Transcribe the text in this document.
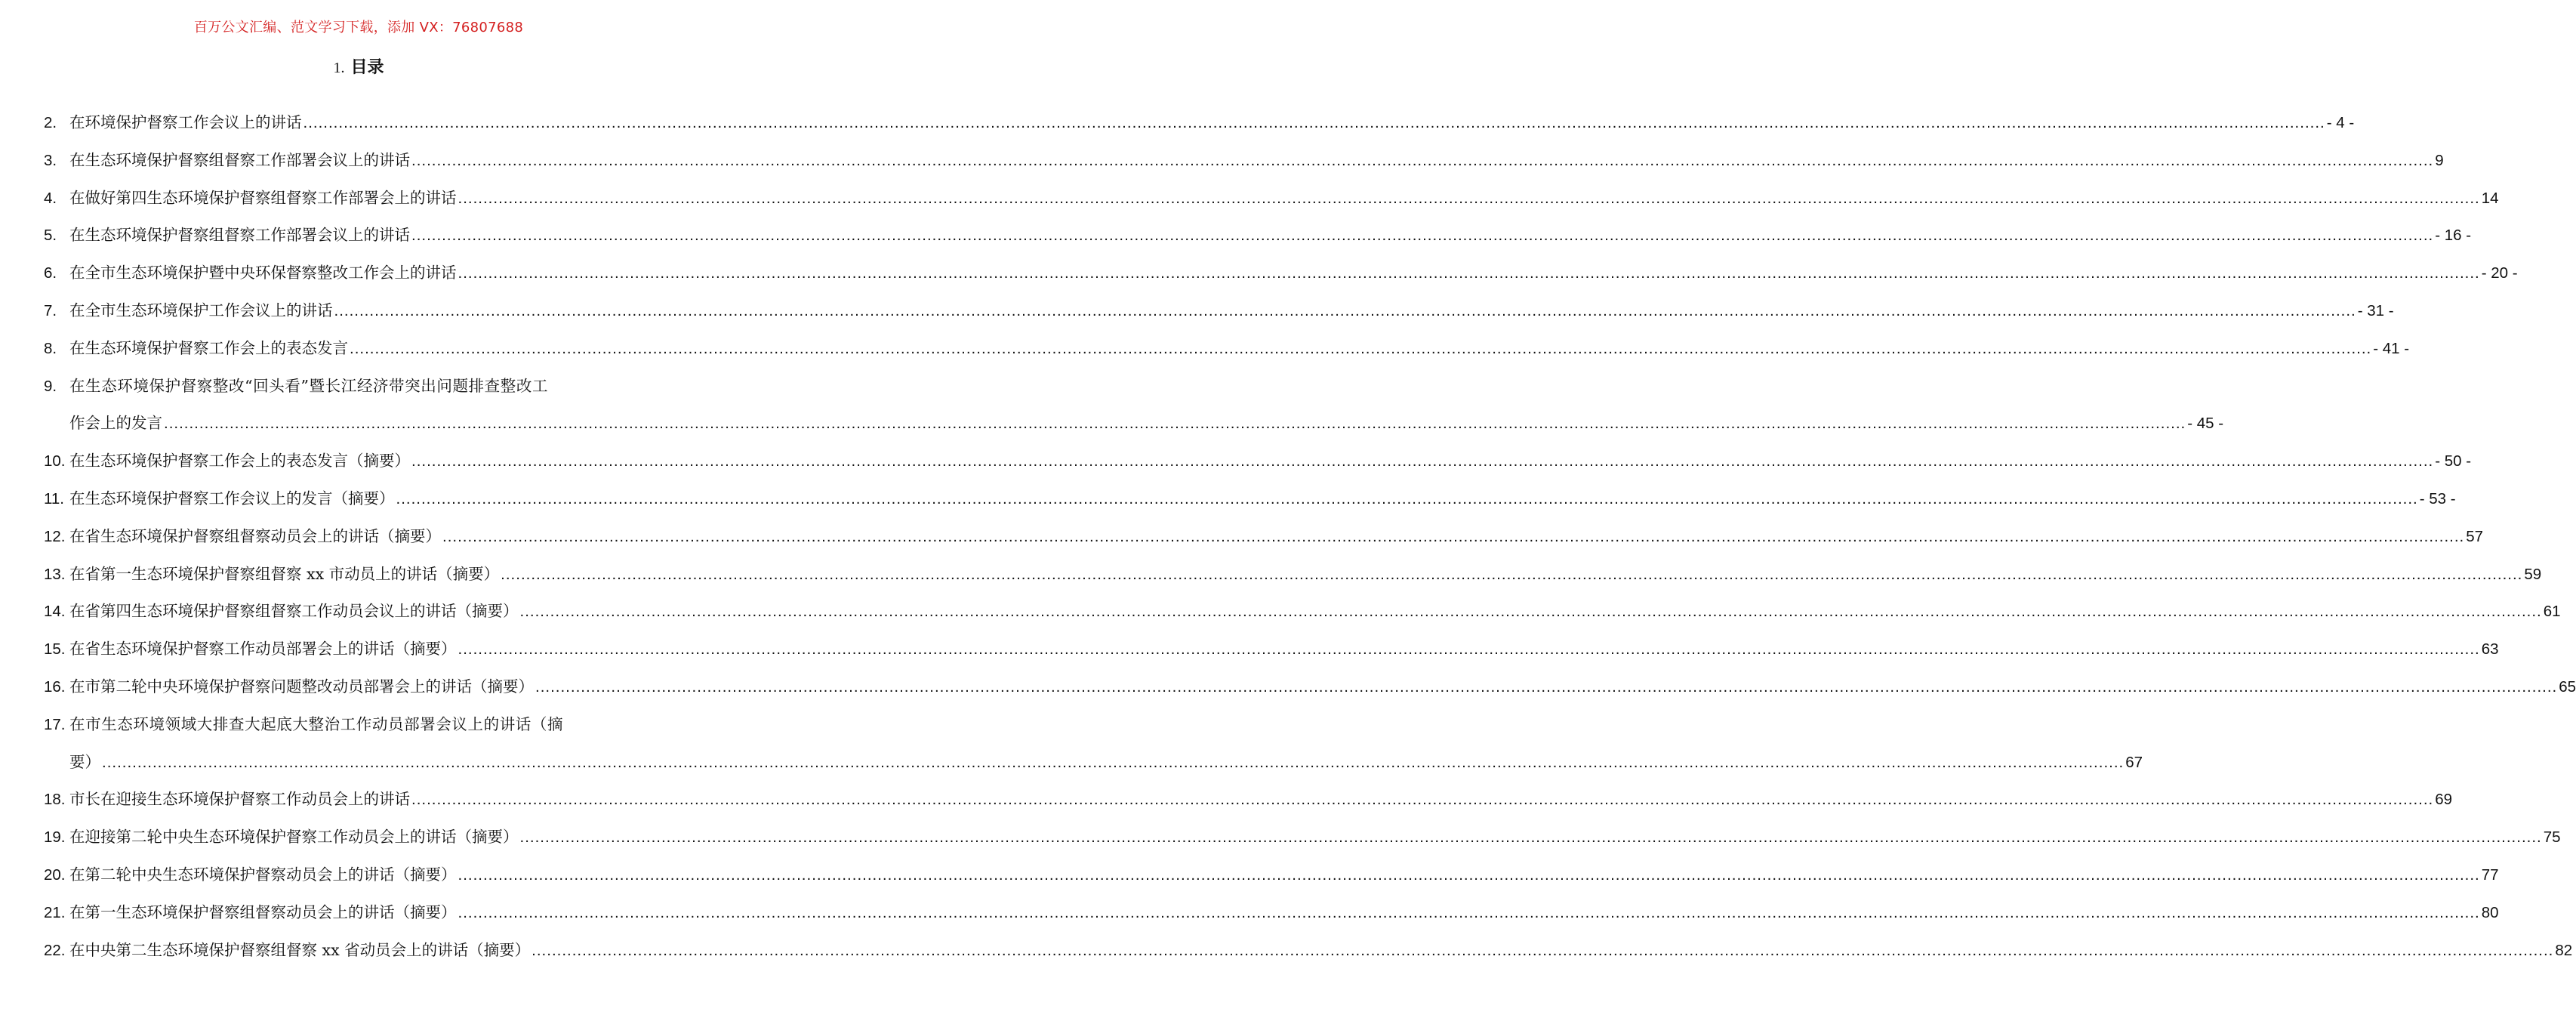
百万公文汇编、范文学习下载，添加 VX：76807688
1. 目录
2. 在环境保护督察工作会议上的讲话 ................................................................................................................................................................................................................................................................................................................................................................................................................ - 4 -
3. 在生态环境保护督察组督察工作部署会议上的讲话 ................................................................................................................................................................................................................................................................................................................................................................................................................ 9
4. 在做好第四生态环境保护督察组督察工作部署会上的讲话 ................................................................................................................................................................................................................................................................................................................................................................................................................ 14
5. 在生态环境保护督察组督察工作部署会议上的讲话 ................................................................................................................................................................................................................................................................................................................................................................................................................ - 16 -
6. 在全市生态环境保护暨中央环保督察整改工作会上的讲话 ................................................................................................................................................................................................................................................................................................................................................................................................................ - 20 -
7. 在全市生态环境保护工作会议上的讲话 ................................................................................................................................................................................................................................................................................................................................................................................................................ - 31 -
8. 在生态环境保护督察工作会上的表态发言 ................................................................................................................................................................................................................................................................................................................................................................................................................ - 41 -
9. 在生态环境保护督察整改“回头看”暨长江经济带突出问题排查整改工
作会上的发言 ................................................................................................................................................................................................................................................................................................................................................................................................................ - 45 -
10. 在生态环境保护督察工作会上的表态发言（摘要） ................................................................................................................................................................................................................................................................................................................................................................................................................ - 50 -
11. 在生态环境保护督察工作会议上的发言（摘要） ................................................................................................................................................................................................................................................................................................................................................................................................................ - 53 -
12. 在省生态环境保护督察组督察动员会上的讲话（摘要） ................................................................................................................................................................................................................................................................................................................................................................................................................ 57
13. 在省第一生态环境保护督察组督察 xx 市动员上的讲话（摘要） ................................................................................................................................................................................................................................................................................................................................................................................................................ 59
14. 在省第四生态环境保护督察组督察工作动员会议上的讲话（摘要） ................................................................................................................................................................................................................................................................................................................................................................................................................ 61
15. 在省生态环境保护督察工作动员部署会上的讲话（摘要） ................................................................................................................................................................................................................................................................................................................................................................................................................ 63
16. 在市第二轮中央环境保护督察问题整改动员部署会上的讲话（摘要） ................................................................................................................................................................................................................................................................................................................................................................................................................ 65
17. 在市生态环境领域大排查大起底大整治工作动员部署会议上的讲话（摘
要） ................................................................................................................................................................................................................................................................................................................................................................................................................ 67
18. 市长在迎接生态环境保护督察工作动员会上的讲话 ................................................................................................................................................................................................................................................................................................................................................................................................................ 69
19. 在迎接第二轮中央生态环境保护督察工作动员会上的讲话（摘要） ................................................................................................................................................................................................................................................................................................................................................................................................................ 75
20. 在第二轮中央生态环境保护督察动员会上的讲话（摘要） ................................................................................................................................................................................................................................................................................................................................................................................................................ 77
21. 在第一生态环境保护督察组督察动员会上的讲话（摘要） ................................................................................................................................................................................................................................................................................................................................................................................................................ 80
22. 在中央第二生态环境保护督察组督察 xx 省动员会上的讲话（摘要） ................................................................................................................................................................................................................................................................................................................................................................................................................ 82
